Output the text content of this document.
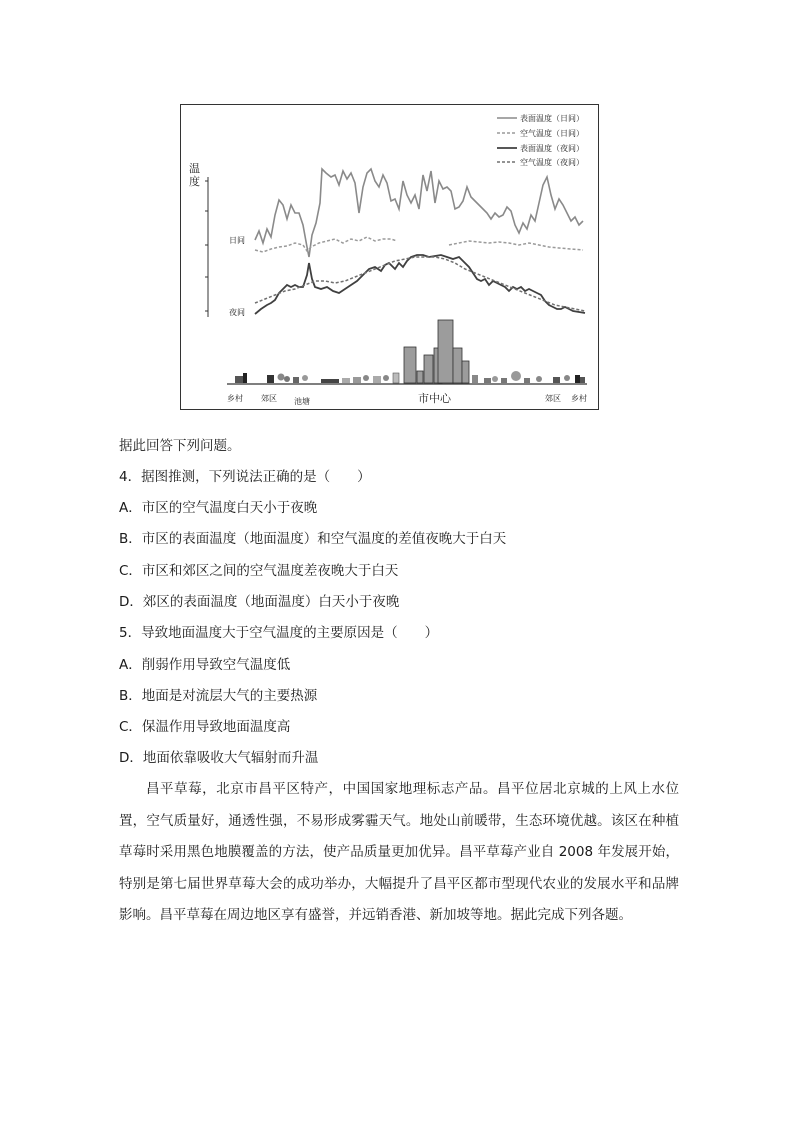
表面温度（日间）
空气温度（日间）
表面温度（夜间）
空气温度（夜间）
温
度
日间
夜间
乡村 郊区 池塘	市中心	郊区 乡村
据此回答下列问题。
4．据图推测，下列说法正确的是（　　）
A．市区的空气温度白天小于夜晚
B．市区的表面温度（地面温度）和空气温度的差值夜晚大于白天
C．市区和郊区之间的空气温度差夜晚大于白天
D．郊区的表面温度（地面温度）白天小于夜晚
5．导致地面温度大于空气温度的主要原因是（　　）
A．削弱作用导致空气温度低
B．地面是对流层大气的主要热源
C．保温作用导致地面温度高
D．地面依靠吸收大气辐射而升温

昌平草莓，北京市昌平区特产，中国国家地理标志产品。昌平位居北京城的上风上水位置，空气质量好，通透性强，不易形成雾霾天气。地处山前暖带，生态环境优越。该区在种植草莓时采用黑色地膜覆盖的方法，使产品质量更加优异。昌平草莓产业自 2008 年发展开始，特别是第七届世界草莓大会的成功举办，大幅提升了昌平区都市型现代农业的发展水平和品牌影响。昌平草莓在周边地区享有盛誉，并远销香港、新加坡等地。据此完成下列各题。
